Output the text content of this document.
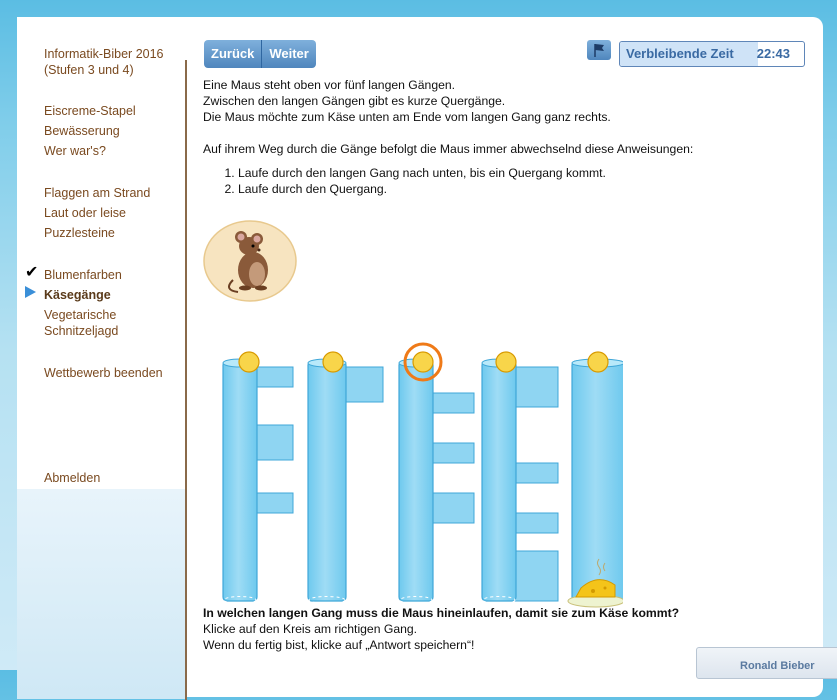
Informatik-Biber 2016
(Stufen 3 und 4)
Eiscreme-Stapel
Bewässerung
Wer war's?
Flaggen am Strand
Laut oder leise
Puzzlesteine
✔ Blumenfarben
Käsegänge
Vegetarische
Schnitzeljagd
Wettbewerb beenden
Abmelden
Zurück	Weiter	Verbleibende Zeit 22:43

Eine Maus steht oben vor fünf langen Gängen.

Zwischen den langen Gängen gibt es kurze Quergänge.

Die Maus möchte zum Käse unten am Ende vom langen Gang ganz rechts.

Auf ihrem Weg durch die Gänge befolgt die Maus immer abwechselnd diese Anweisungen:

1. Laufe durch den langen Gang nach unten, bis ein Quergang kommt.
2. Laufe durch den Quergang.
In welchen langen Gang muss die Maus hineinlaufen, damit sie zum Käse kommt?
Klicke auf den Kreis am richtigen Gang.
Wenn du fertig bist, klicke auf „Antwort speichern“!
Ronald Bieber
